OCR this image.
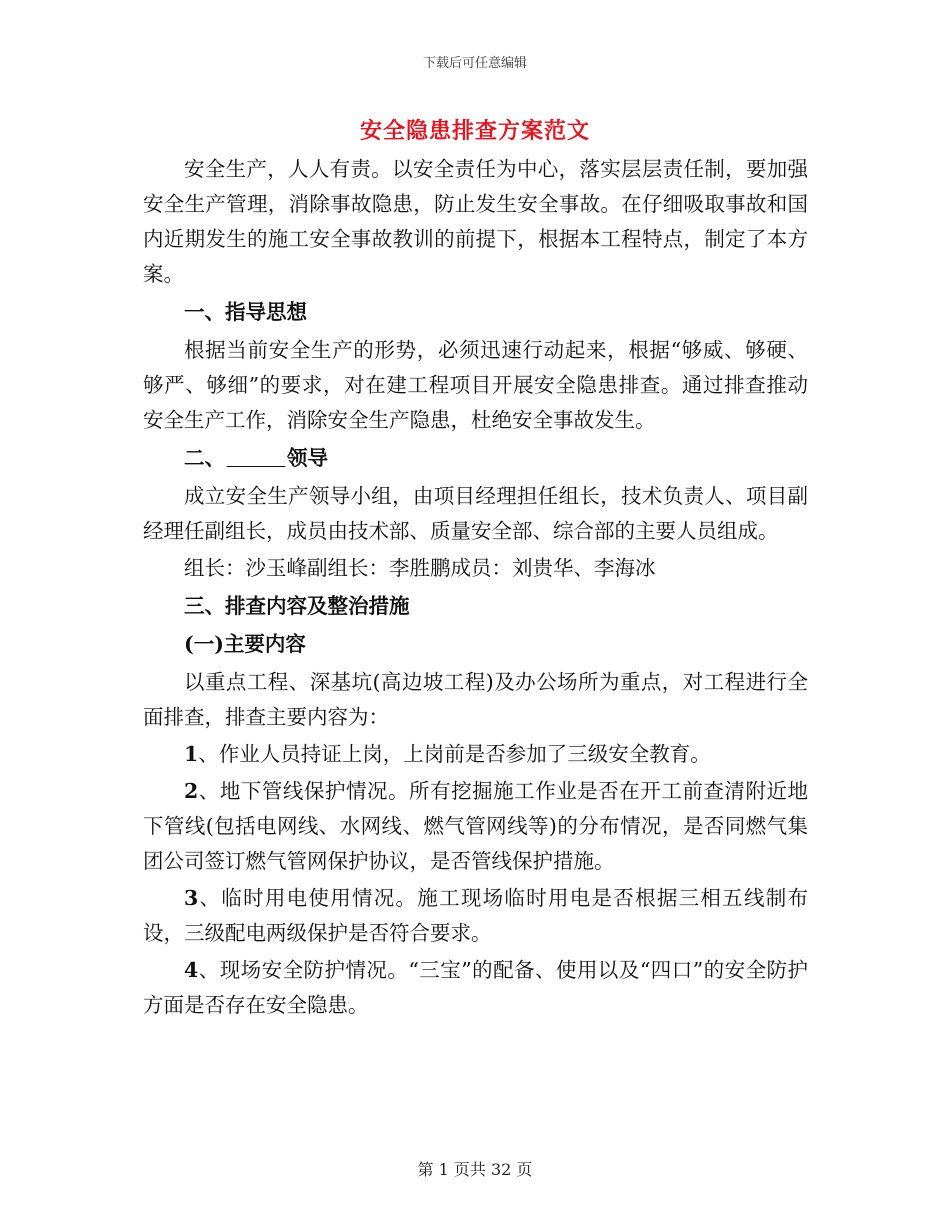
下载后可任意编辑
安全隐患排查方案范文

安全生产，人人有责。以安全责任为中心，落实层层责任制，要加强安全生产管理，消除事故隐患，防止发生安全事故。在仔细吸取事故和国内近期发生的施工安全事故教训的前提下，根据本工程特点，制定了本方案。

一、指导思想

根据当前安全生产的形势，必须迅速行动起来，根据“够威、够硬、够严、够细”的要求，对在建工程项目开展安全隐患排查。通过排查推动安全生产工作，消除安全生产隐患，杜绝安全事故发生。

二、	领导

成立安全生产领导小组，由项目经理担任组长，技术负责人、项目副经理任副组长，成员由技术部、质量安全部、综合部的主要人员组成。

组长：沙玉峰副组长：李胜鹏成员：刘贵华、李海冰

三、排查内容及整治措施

(一)主要内容

以重点工程、深基坑(高边坡工程)及办公场所为重点，对工程进行全面排查，排查主要内容为：

1、作业人员持证上岗，上岗前是否参加了三级安全教育。

2、地下管线保护情况。所有挖掘施工作业是否在开工前查清附近地下管线(包括电网线、水网线、燃气管网线等)的分布情况，是否同燃气集团公司签订燃气管网保护协议，是否管线保护措施。

3、临时用电使用情况。施工现场临时用电是否根据三相五线制布设，三级配电两级保护是否符合要求。

4、现场安全防护情况。“三宝”的配备、使用以及“四口”的安全防护方面是否存在安全隐患。

第 1 页共 32 页
